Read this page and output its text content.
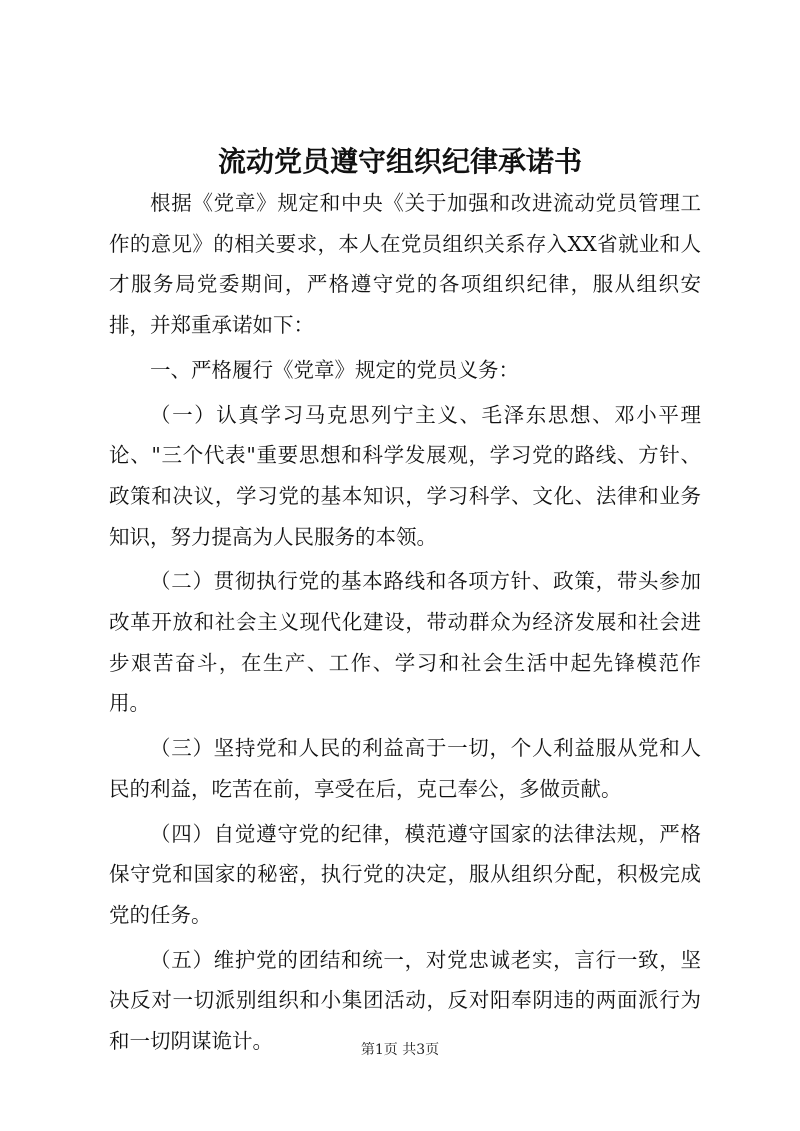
流动党员遵守组织纪律承诺书

根据《党章》规定和中央《关于加强和改进流动党员管理工作的意见》的相关要求，本人在党员组织关系存入XX省就业和人才服务局党委期间，严格遵守党的各项组织纪律，服从组织安排，并郑重承诺如下：

一、严格履行《党章》规定的党员义务：

（一）认真学习马克思列宁主义、毛泽东思想、邓小平理论、"三个代表"重要思想和科学发展观，学习党的路线、方针、政策和决议，学习党的基本知识，学习科学、文化、法律和业务知识，努力提高为人民服务的本领。

（二）贯彻执行党的基本路线和各项方针、政策，带头参加改革开放和社会主义现代化建设，带动群众为经济发展和社会进步艰苦奋斗，在生产、工作、学习和社会生活中起先锋模范作用。

（三）坚持党和人民的利益高于一切，个人利益服从党和人民的利益，吃苦在前，享受在后，克己奉公，多做贡献。

（四）自觉遵守党的纪律，模范遵守国家的法律法规，严格保守党和国家的秘密，执行党的决定，服从组织分配，积极完成党的任务。

（五）维护党的团结和统一，对党忠诚老实，言行一致，坚决反对一切派别组织和小集团活动，反对阳奉阴违的两面派行为和一切阴谋诡计。	第1页 共3页
